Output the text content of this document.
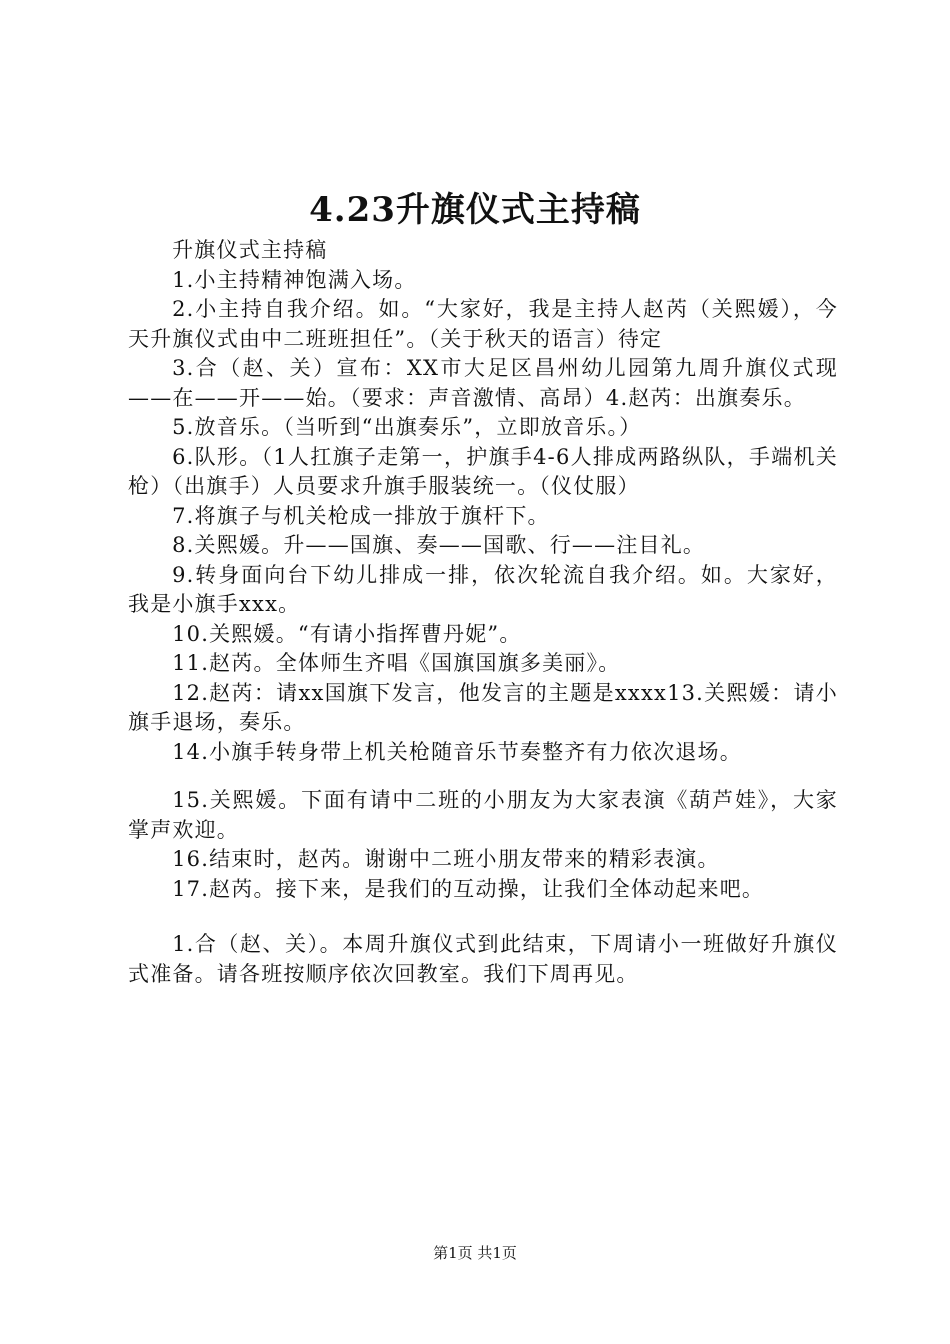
4.23升旗仪式主持稿

升旗仪式主持稿

1.小主持精神饱满入场。

2.小主持自我介绍。如。“大家好，我是主持人赵芮（关熙媛），今天升旗仪式由中二班班担任”。（关于秋天的语言）待定

3.合（赵、关）宣布：XX市大足区昌州幼儿园第九周升旗仪式现——在——开——始。（要求：声音激情、高昂）4.赵芮：出旗奏乐。

5.放音乐。（当听到“出旗奏乐”，立即放音乐。）

6.队形。（1人扛旗子走第一，护旗手4-6人排成两路纵队，手端机关枪）（出旗手）人员要求升旗手服装统一。（仪仗服）

7.将旗子与机关枪成一排放于旗杆下。

8.关熙媛。升——国旗、奏——国歌、行——注目礼。

9.转身面向台下幼儿排成一排，依次轮流自我介绍。如。大家好，我是小旗手xxx。

10.关熙媛。“有请小指挥曹丹妮”。

11.赵芮。全体师生齐唱《国旗国旗多美丽》。

12.赵芮：请xx国旗下发言，他发言的主题是xxxx13.关熙媛：请小旗手退场，奏乐。

14.小旗手转身带上机关枪随音乐节奏整齐有力依次退场。

15.关熙媛。下面有请中二班的小朋友为大家表演《葫芦娃》，大家掌声欢迎。

16.结束时，赵芮。谢谢中二班小朋友带来的精彩表演。

17.赵芮。接下来，是我们的互动操，让我们全体动起来吧。

1.合（赵、关）。本周升旗仪式到此结束，下周请小一班做好升旗仪式准备。请各班按顺序依次回教室。我们下周再见。

第1页 共1页
